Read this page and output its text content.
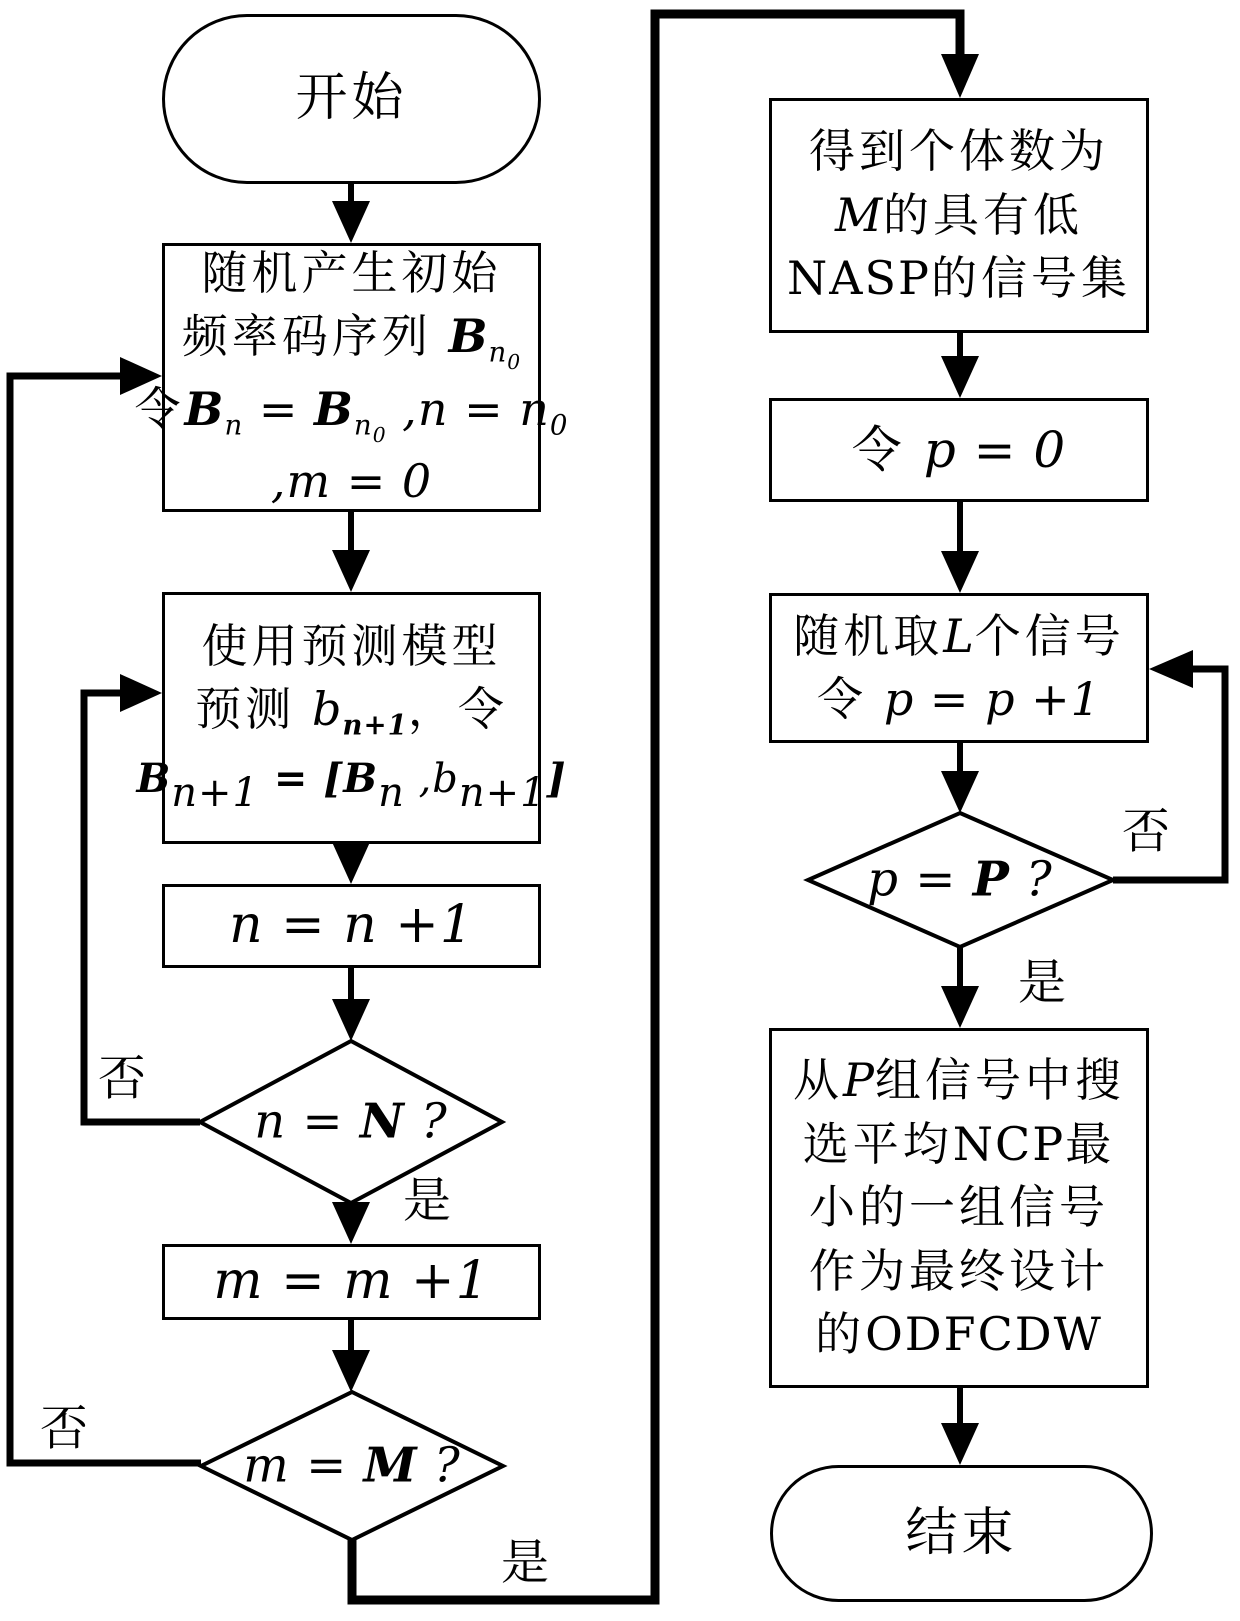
开始
随机产生初始
频率码序列 $B_{n0}$
令$B_n = B_{n0}$ $,n = n_0$
,m = 0
使用预测模型
预测 $b_{n+1}$，令
Bn+1 = [Bn ,bn+1]
n = n +1
n = N ?
m = m +1
m = M ?
得到个体数为
M的具有低
NASP的信号集
令 p = 0
随机取L个信号
令 p = p +1
p = P ?
从P组信号中搜
选平均NCP最
小的一组信号
作为最终设计
的ODFCDW
结束
否
是
否
是
否
是
